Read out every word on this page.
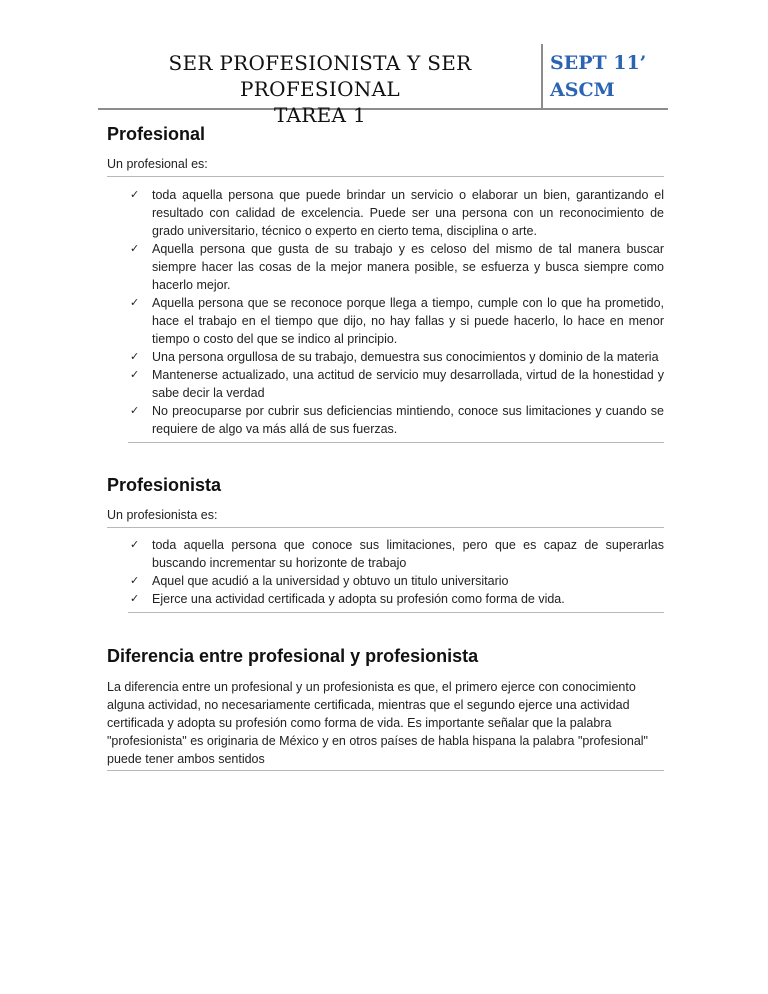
SER PROFESIONISTA Y SER PROFESIONAL
TAREA 1
SEPT 11’
ASCM
Profesional
Un profesional es:
✓ toda aquella persona que puede brindar un servicio o elaborar un bien, garantizando el resultado con calidad de excelencia. Puede ser una persona con un reconocimiento de grado universitario, técnico o experto en cierto tema, disciplina o arte.
✓ Aquella persona que gusta de su trabajo y es celoso del mismo de tal manera buscar siempre hacer las cosas de la mejor manera posible, se esfuerza y busca siempre como hacerlo mejor.
✓ Aquella persona que se reconoce porque llega a tiempo, cumple con lo que ha prometido, hace el trabajo en el tiempo que dijo, no hay fallas y si puede hacerlo, lo hace en menor tiempo o costo del que se indico al principio.
✓ Una persona orgullosa de su trabajo, demuestra sus conocimientos y dominio de la materia
✓ Mantenerse actualizado, una actitud de servicio muy desarrollada, virtud de la honestidad y sabe decir la verdad
✓ No preocuparse por cubrir sus deficiencias mintiendo, conoce sus limitaciones y cuando se requiere de algo va más allá de sus fuerzas.
Profesionista
Un profesionista es:
✓ toda aquella persona que conoce sus limitaciones, pero que es capaz de superarlas buscando incrementar su horizonte de trabajo
✓ Aquel que acudió a la universidad y obtuvo un titulo universitario
✓ Ejerce una actividad certificada y adopta su profesión como forma de vida.
Diferencia entre profesional y profesionista
La diferencia entre un profesional y un profesionista es que, el primero ejerce con conocimiento alguna actividad, no necesariamente certificada, mientras que el segundo ejerce una actividad certificada y adopta su profesión como forma de vida. Es importante señalar que la palabra "profesionista" es originaria de México y en otros países de habla hispana la palabra "profesional" puede tener ambos sentidos
